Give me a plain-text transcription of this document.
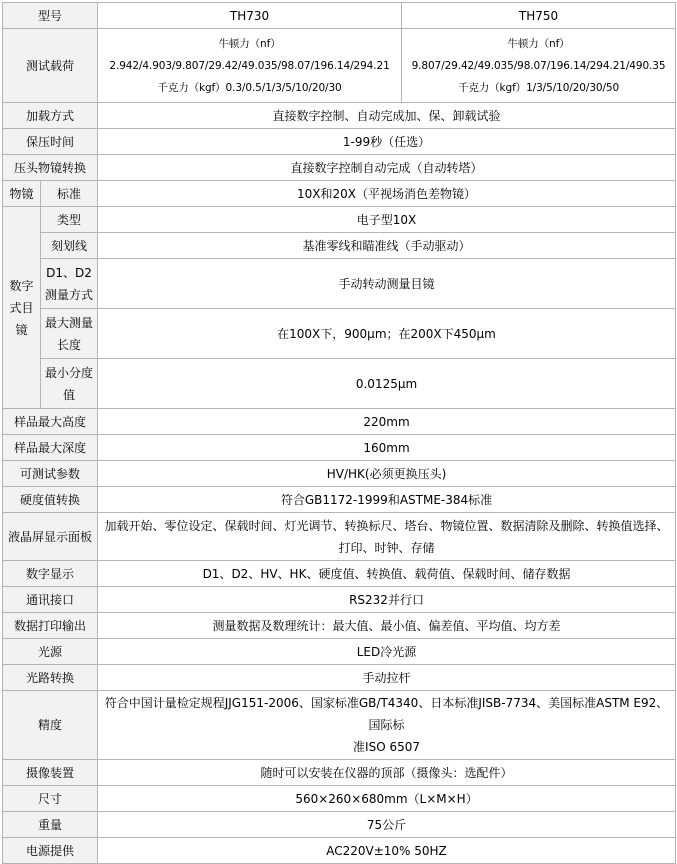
型号		TH730	TH750
测试载荷		牛顿力（nf）
2.942/4.903/9.807/29.42/49.035/98.07/196.14/294.21
千克力（kgf）0.3/0.5/1/3/5/10/20/30	牛顿力（nf）
9.807/29.42/49.035/98.07/196.14/294.21/490.35
千克力（kgf）1/3/5/10/20/30/50

加载方式		直接数字控制、自动完成加、保、卸载试验	
保压时间		1-99秒（任选）	
压头物镜转换		直接数字控制自动完成（自动转塔）	
物镜	标准	10X和20X（平视场消色差物镜）	
数字式目镜	类型	电子型10X	
	刻划线	基准零线和瞄准线（手动驱动）	
	D1、D2测量方式	手动转动测量目镜	
	最大测量长度	在100X下，900μm；在200X下450μm	
	最小分度值	0.0125μm	
样品最大高度		220mm	
样品最大深度		160mm	
可测试参数		HV/HK(必须更换压头)	
硬度值转换		符合GB1172-1999和ASTME-384标准	
液晶屏显示面板		加载开始、零位设定、保载时间、灯光调节、转换标尺、塔台、物镜位置、数据清除及删除、转换值选择、
打印、时钟、存储	

数字显示		D1、D2、HV、HK、硬度值、转换值、载荷值、保载时间、储存数据	
通讯接口		RS232并行口	
数据打印输出		测量数据及数理统计：最大值、最小值、偏差值、平均值、均方差	
光源		LED冷光源	
光路转换		手动拉杆	
精度		符合中国计量检定规程JJG151-2006、国家标准GB/T4340、日本标准JISB-7734、美国标准ASTM E92、国际标
准ISO 6507	

摄像装置		随时可以安装在仪器的顶部（摄像头：选配件）	
尺寸		560×260×680mm（L×M×H）	
重量		75公斤	
电源提供		AC220V±10% 50HZ	
